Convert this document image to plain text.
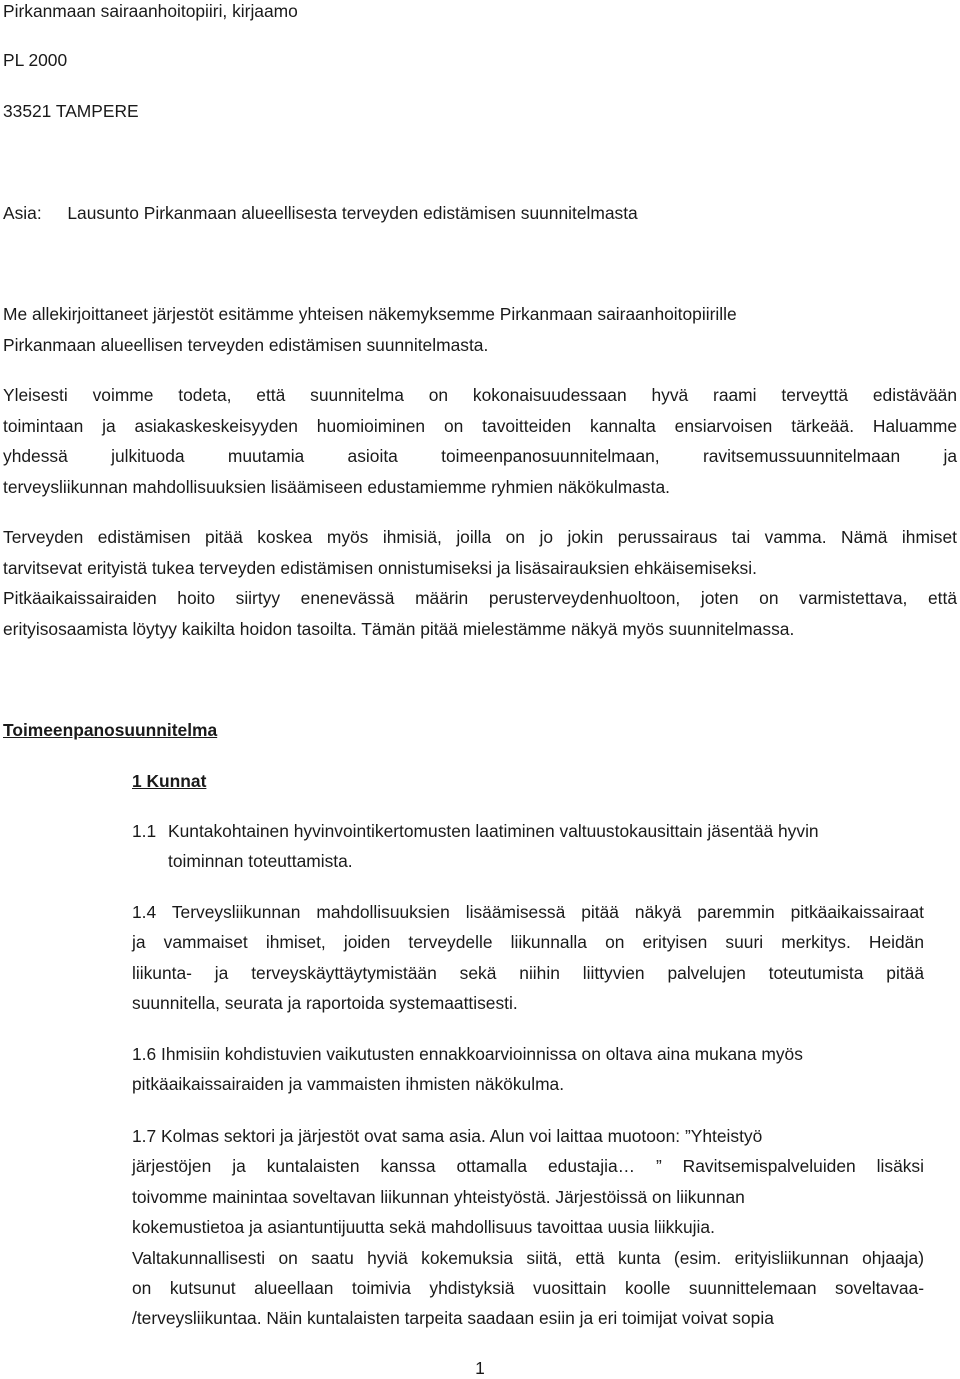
Pirkanmaan sairaanhoitopiiri, kirjaamo
PL 2000
33521 TAMPERE
Asia: Lausunto Pirkanmaan alueellisesta terveyden edistämisen suunnitelmasta
Me allekirjoittaneet järjestöt esitämme yhteisen näkemyksemme Pirkanmaan sairaanhoitopiirille
Pirkanmaan alueellisen terveyden edistämisen suunnitelmasta.
Yleisesti voimme todeta, että suunnitelma on kokonaisuudessaan hyvä raami terveyttä edistävään
toimintaan ja asiakaskeskeisyyden huomioiminen on tavoitteiden kannalta ensiarvoisen tärkeää. Haluamme
yhdessä julkituoda muutamia asioita toimeenpanosuunnitelmaan, ravitsemussuunnitelmaan ja
terveysliikunnan mahdollisuuksien lisäämiseen edustamiemme ryhmien näkökulmasta.
Terveyden edistämisen pitää koskea myös ihmisiä, joilla on jo jokin perussairaus tai vamma. Nämä ihmiset
tarvitsevat erityistä tukea terveyden edistämisen onnistumiseksi ja lisäsairauksien ehkäisemiseksi.
Pitkäaikaissairaiden hoito siirtyy enenevässä määrin perusterveydenhuoltoon, joten on varmistettava, että
erityisosaamista löytyy kaikilta hoidon tasoilta. Tämän pitää mielestämme näkyä myös suunnitelmassa.
Toimeenpanosuunnitelma
1 Kunnat
1.1 Kuntakohtainen hyvinvointikertomusten laatiminen valtuustokausittain jäsentää hyvin
toiminnan toteuttamista.
1.4 Terveysliikunnan mahdollisuuksien lisäämisessä pitää näkyä paremmin pitkäaikaissairaat
ja vammaiset ihmiset, joiden terveydelle liikunnalla on erityisen suuri merkitys. Heidän
liikunta- ja terveyskäyttäytymistään sekä niihin liittyvien palvelujen toteutumista pitää
suunnitella, seurata ja raportoida systemaattisesti.
1.6 Ihmisiin kohdistuvien vaikutusten ennakkoarvioinnissa on oltava aina mukana myös
pitkäaikaissairaiden ja vammaisten ihmisten näkökulma.
1.7 Kolmas sektori ja järjestöt ovat sama asia. Alun voi laittaa muotoon: ”Yhteistyö
järjestöjen ja kuntalaisten kanssa ottamalla edustajia… ” Ravitsemispalveluiden lisäksi
toivomme mainintaa soveltavan liikunnan yhteistyöstä. Järjestöissä on liikunnan
kokemustietoa ja asiantuntijuutta sekä mahdollisuus tavoittaa uusia liikkujia.
Valtakunnallisesti on saatu hyviä kokemuksia siitä, että kunta (esim. erityisliikunnan ohjaaja)
on kutsunut alueellaan toimivia yhdistyksiä vuosittain koolle suunnittelemaan soveltavaa-
/terveysliikuntaa. Näin kuntalaisten tarpeita saadaan esiin ja eri toimijat voivat sopia
1
